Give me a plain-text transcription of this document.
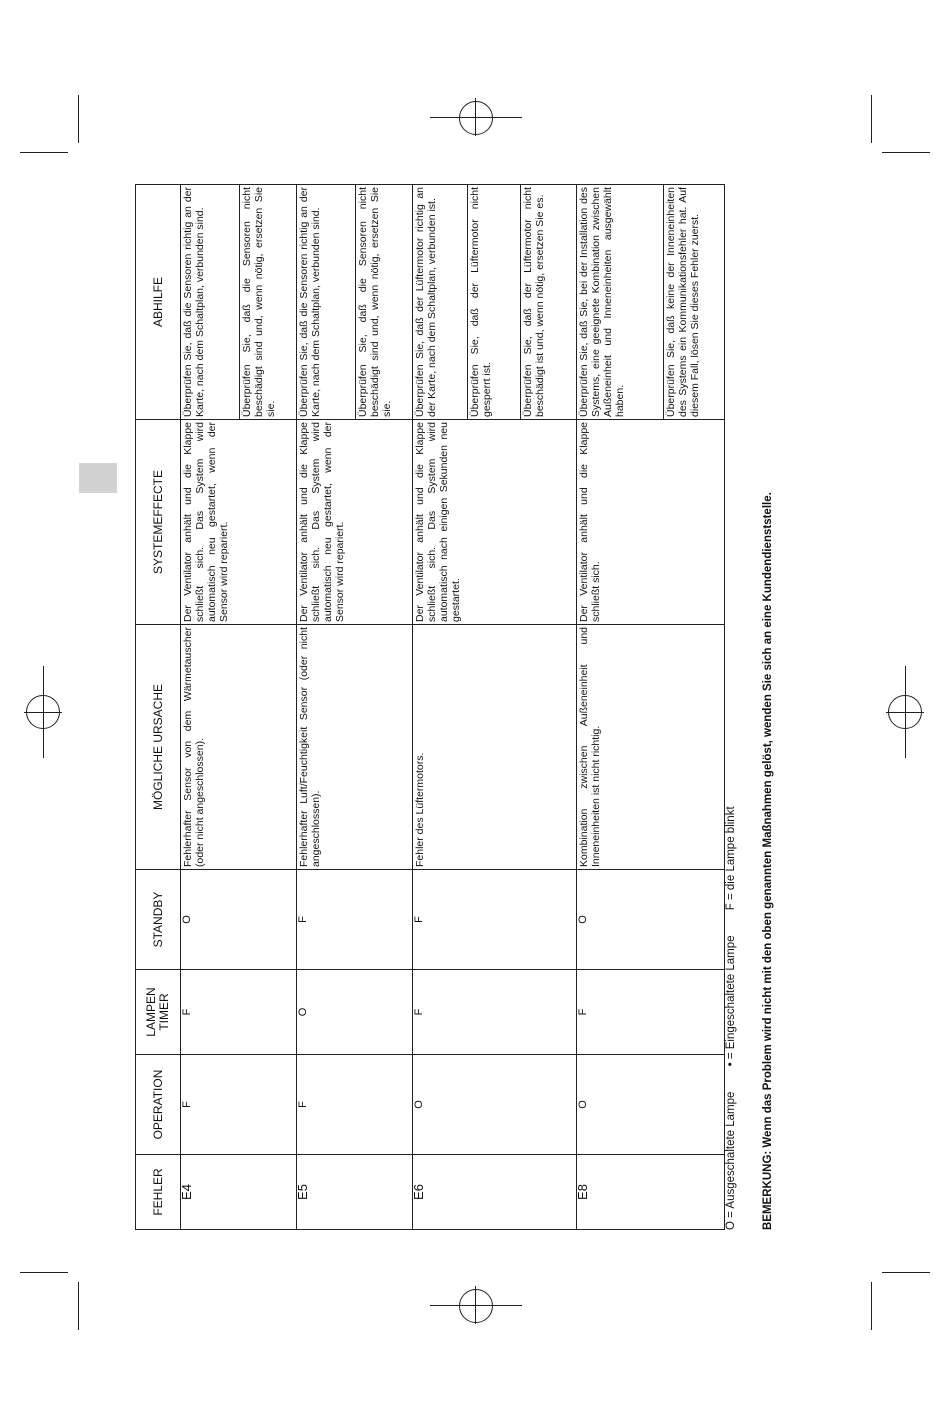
FEHLER	OPERATION	LAMPEN TIMER	STANDBY	MÖGLICHE URSACHE	SYSTEMEFFECTE	ABHILFE
E4	F	F	O	Fehlerhafter Sensor von dem Wärmetauscher (oder nicht angeschlossen).	Der Ventilator anhält und die Klappe schließt sich. Das System wird automatisch neu gestartet, wenn der Sensor wird repariert.	Überprüfen Sie, daß die Sensoren richtig an der Karte, nach dem Schaltplan, verbunden sind. Überprüfen Sie, daß die Sensoren nicht beschädigt sind und, wenn nötig, ersetzen Sie sie.

E5	F	O	F	Fehlerhafter Luft/Feuchtigkeit Sensor (oder nicht angeschlossen).	Der Ventilator anhält und die Klappe schließt sich. Das System wird automatisch neu gestartet, wenn der Sensor wird repariert.	Überprüfen Sie, daß die Sensoren richtig an der Karte, nach dem Schaltplan, verbunden sind. Überprüfen Sie, daß die Sensoren nicht beschädigt sind und, wenn nötig, ersetzen Sie sie.

E6	O	F	F	Fehler des Lüftermotors.	Der Ventilator anhält und die Klappe schließt sich. Das System wird automatisch nach einigen Sekunden neu gestartet.	Überprüfen Sie, daß der Lüftermotor richtig an der Karte, nach dem Schaltplan, verbunden ist. Überprüfen Sie, daß der Lüftermotor nicht gesperrt ist. Überprüfen Sie, daß der Lüftermotor nicht beschädigt ist und, wenn nötig, ersetzen Sie es.

E8	O	F	O	Kombination zwischen Außeneinheit und Inneneinheiten ist nicht richtig.	Der Ventilator anhält und die Klappe schließt sich.	Überprüfen Sie, daß Sie, bei der Installation des Systems, eine geeignete Kombination zwischen Außeneinheit und Inneneinheiten ausgewählt haben. Überprüfen Sie, daß keine der Inneneinheiten des Systems ein Kommunikationsfehler hat. Auf diesem Fall, lösen Sie dieses Fehler zuerst.
O = Ausgeschaltete Lampe • = Eingeschaltete Lampe F = die Lampe blinkt BEMERKUNG: Wenn das Problem wird nicht mit den oben genannten Maßnahmen gelöst, wenden Sie sich an eine Kundendienststelle.
